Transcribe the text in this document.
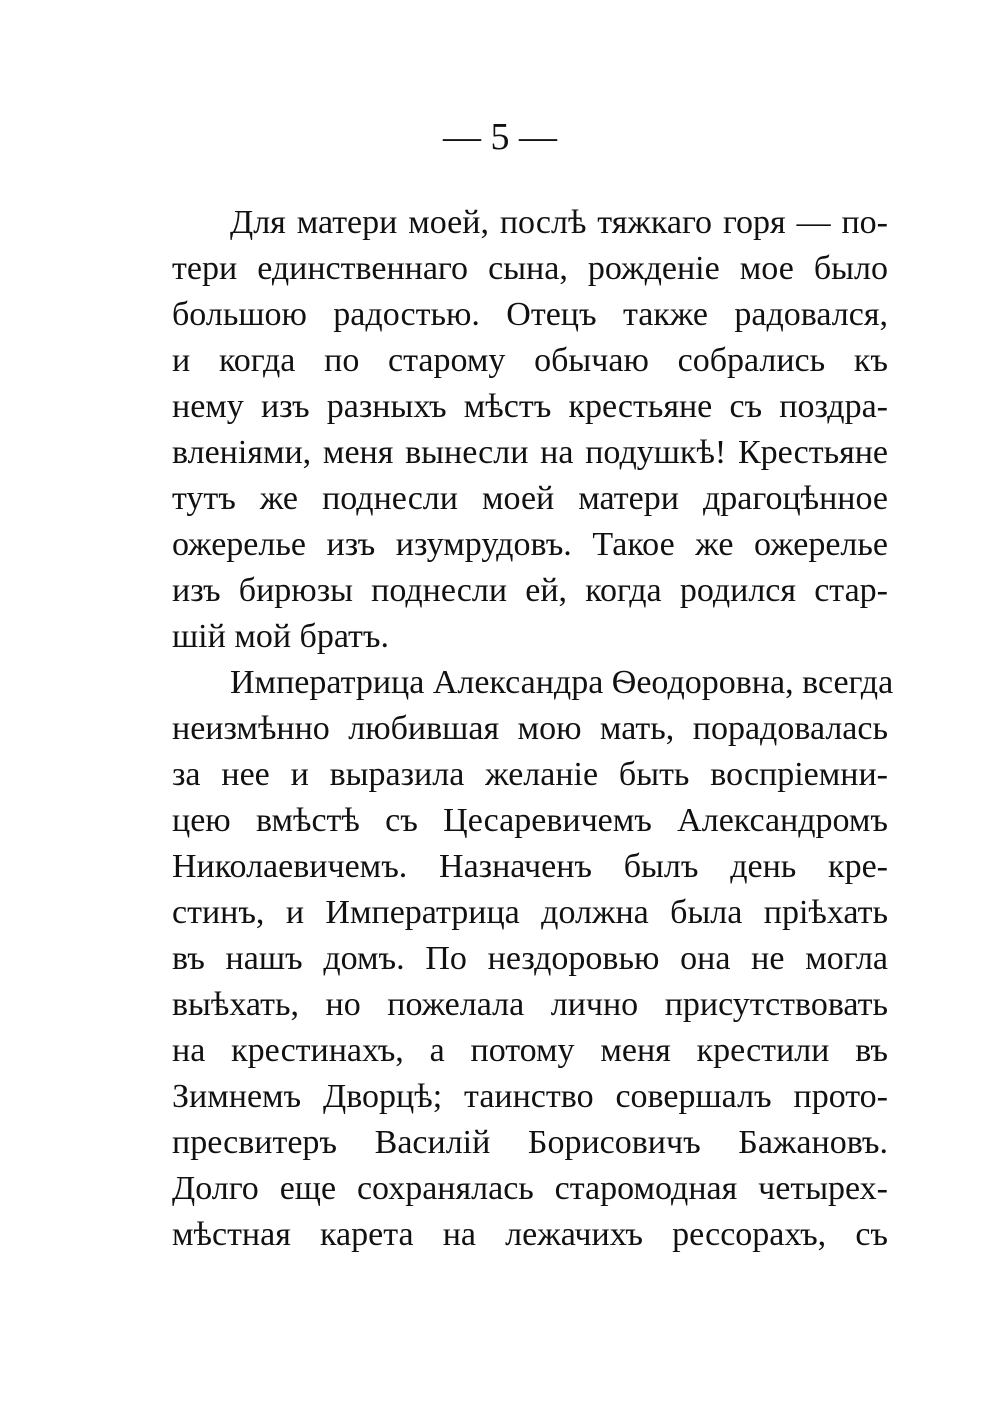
— 5 —
Для матери моей, послѣ тяжкаго горя — по-
тери единственнаго сына, рожденіе мое было
большою радостью. Отецъ также радовался,
и когда по старому обычаю собрались къ
нему изъ разныхъ мѣстъ крестьяне съ поздра-
вленіями, меня вынесли на подушкѣ! Крестьяне
тутъ же поднесли моей матери драгоцѣнное
ожерелье изъ изумрудовъ. Такое же ожерелье
изъ бирюзы поднесли ей, когда родился стар-
шій мой братъ.
Императрица Александра Ѳеодоровна, всегда
неизмѣнно любившая мою мать, порадовалась
за нее и выразила желаніе быть воспріемни-
цею вмѣстѣ съ Цесаревичемъ Александромъ
Николаевичемъ. Назначенъ былъ день кре-
стинъ, и Императрица должна была пріѣхать
въ нашъ домъ. По нездоровью она не могла
выѣхать, но пожелала лично присутствовать
на крестинахъ, а потому меня крестили въ
Зимнемъ Дворцѣ; таинство совершалъ прото-
пресвитеръ Василій Борисовичъ Бажановъ.
Долго еще сохранялась старомодная четырех-
мѣстная карета на лежачихъ рессорахъ, съ
